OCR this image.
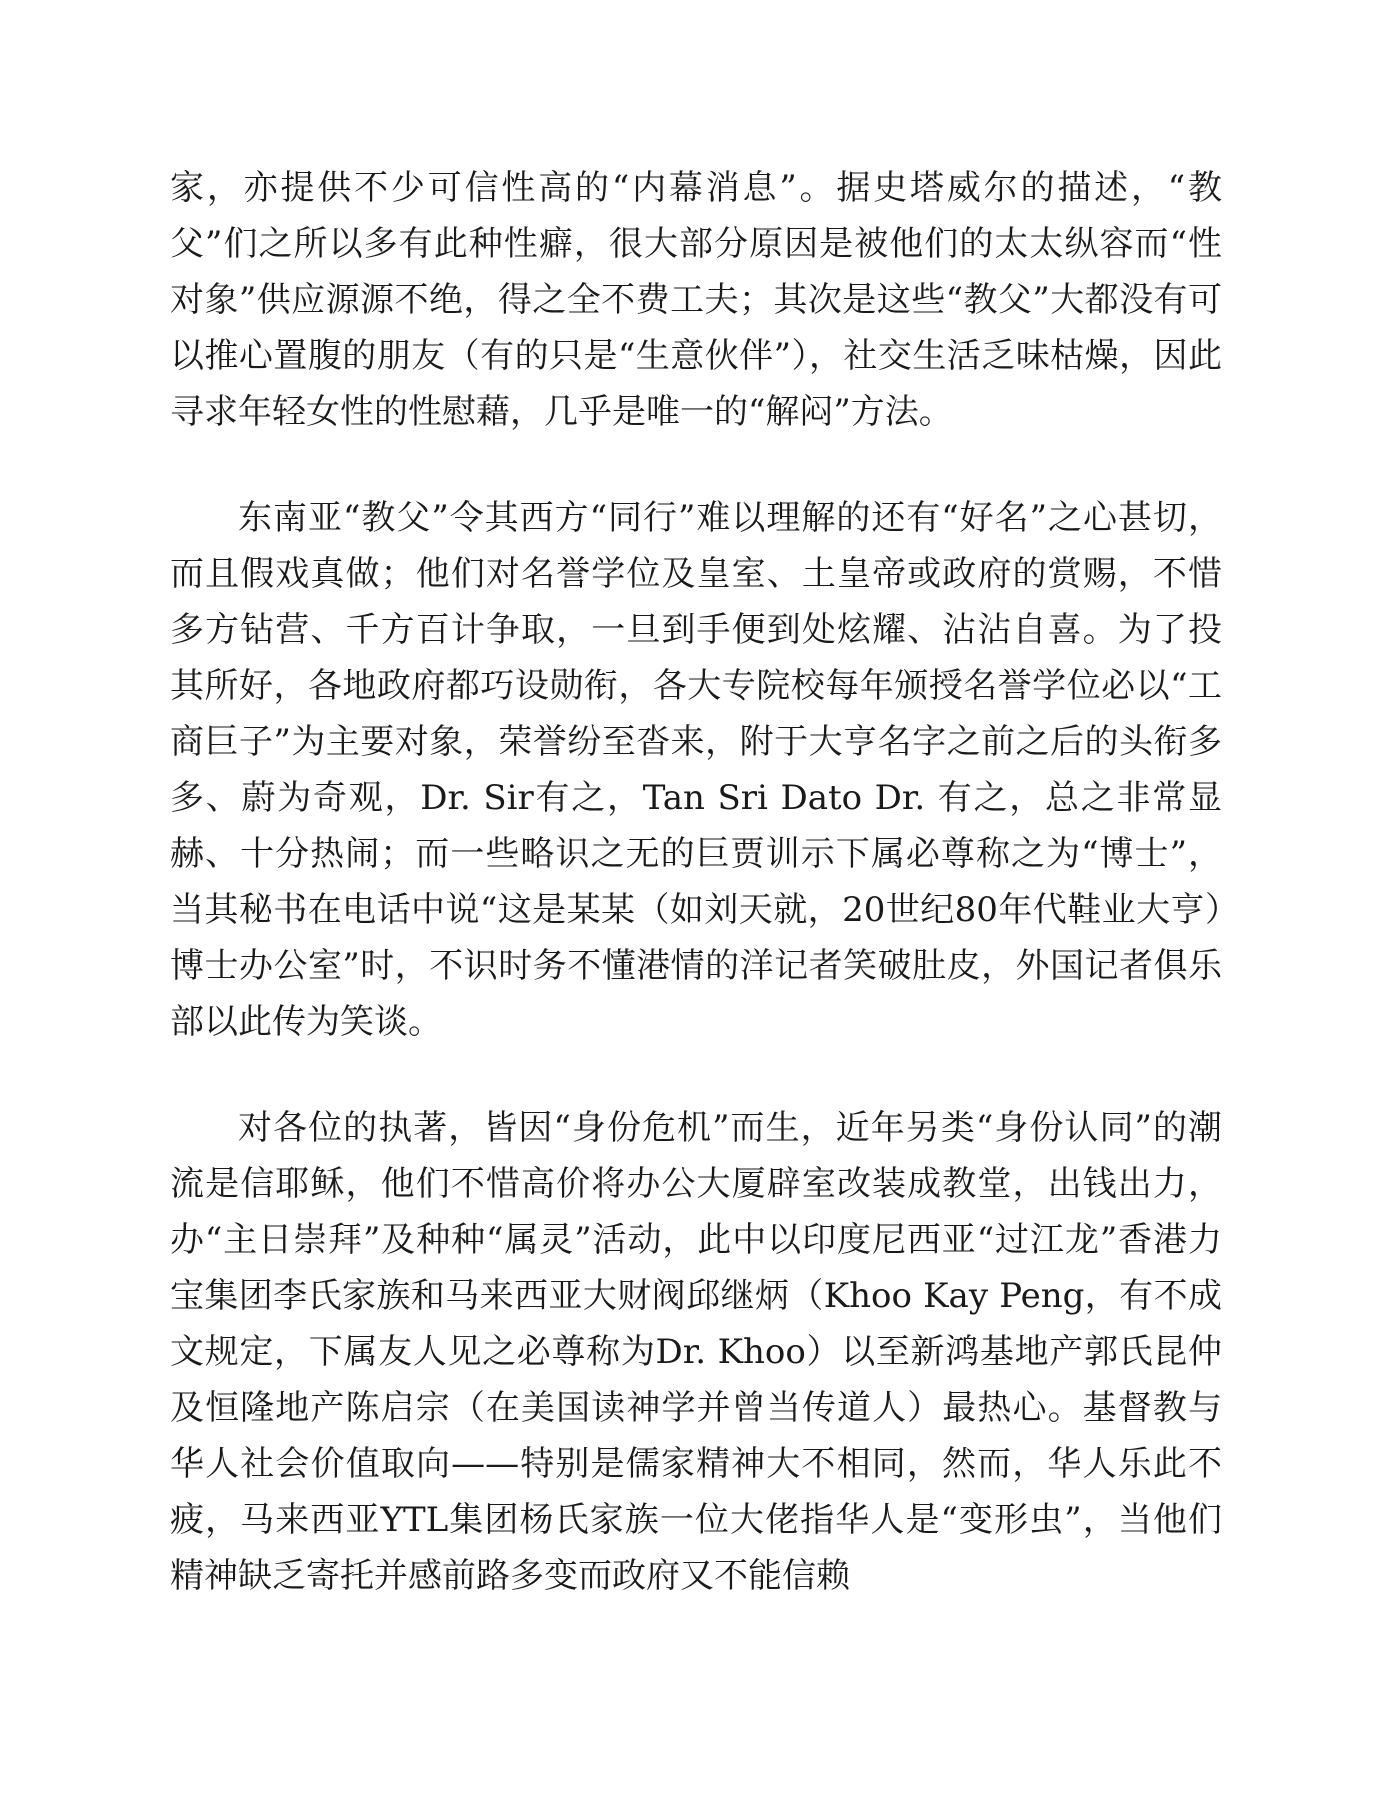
家，亦提供不少可信性高的“内幕消息”。据史塔威尔的描述，“教父”们之所以多有此种性癖，很大部分原因是被他们的太太纵容而“性对象”供应源源不绝，得之全不费工夫；其次是这些“教父”大都没有可以推心置腹的朋友（有的只是“生意伙伴”），社交生活乏味枯燥，因此寻求年轻女性的性慰藉，几乎是唯一的“解闷”方法。

东南亚“教父”令其西方“同行”难以理解的还有“好名”之心甚切，而且假戏真做；他们对名誉学位及皇室、土皇帝或政府的赏赐，不惜多方钻营、千方百计争取，一旦到手便到处炫耀、沾沾自喜。为了投其所好，各地政府都巧设勋衔，各大专院校每年颁授名誉学位必以“工商巨子”为主要对象，荣誉纷至沓来，附于大亨名字之前之后的头衔多多、蔚为奇观，Dr. Sir有之，Tan Sri Dato Dr. 有之，总之非常显赫、十分热闹；而一些略识之无的巨贾训示下属必尊称之为“博士”，当其秘书在电话中说“这是某某（如刘天就，20世纪80年代鞋业大亨）博士办公室”时，不识时务不懂港情的洋记者笑破肚皮，外国记者俱乐部以此传为笑谈。

对各位的执著，皆因“身份危机”而生，近年另类“身份认同”的潮流是信耶稣，他们不惜高价将办公大厦辟室改装成教堂，出钱出力，办“主日崇拜”及种种“属灵”活动，此中以印度尼西亚“过江龙”香港力宝集团李氏家族和马来西亚大财阀邱继炳（Khoo Kay Peng，有不成文规定，下属友人见之必尊称为Dr. Khoo）以至新鸿基地产郭氏昆仲及恒隆地产陈启宗（在美国读神学并曾当传道人）最热心。基督教与华人社会价值取向——特别是儒家精神大不相同，然而，华人乐此不疲，马来西亚YTL集团杨氏家族一位大佬指华人是“变形虫”，当他们精神缺乏寄托并感前路多变而政府又不能信赖
